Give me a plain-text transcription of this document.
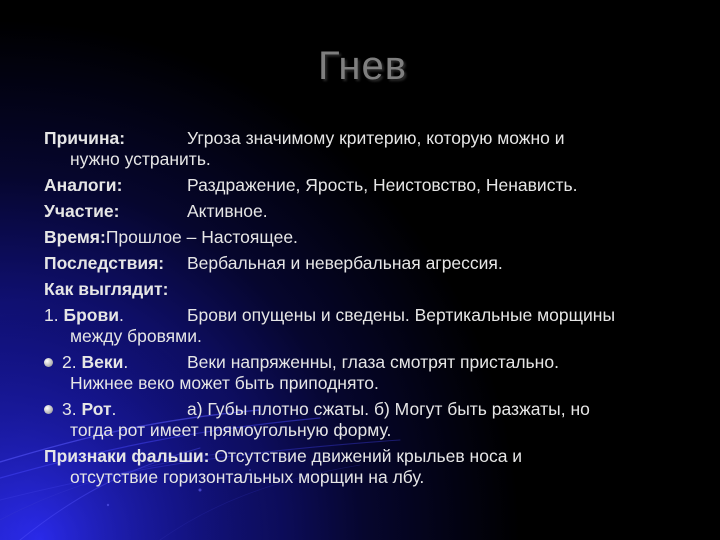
Гнев
Причина:	Угроза значимому критерию, которую можно и
нужно устранить.
Аналоги:	Раздражение, Ярость, Неистовство, Ненависть.
Участие:	Активное.
Время:Прошлое – Настоящее.
Последствия: Вербальная и невербальная агрессия.
Как выглядит:
1. Брови.	Брови опущены и сведены. Вертикальные морщины
между бровями.
2. Веки.	Веки напряженны, глаза смотрят пристально.
Нижнее веко может быть приподнято.
3. Рот.	а) Губы плотно сжаты. б) Могут быть разжаты, но
тогда рот имеет прямоугольную форму.
Признаки фальши: Отсутствие движений крыльев носа и
отсутствие горизонтальных морщин на лбу.
